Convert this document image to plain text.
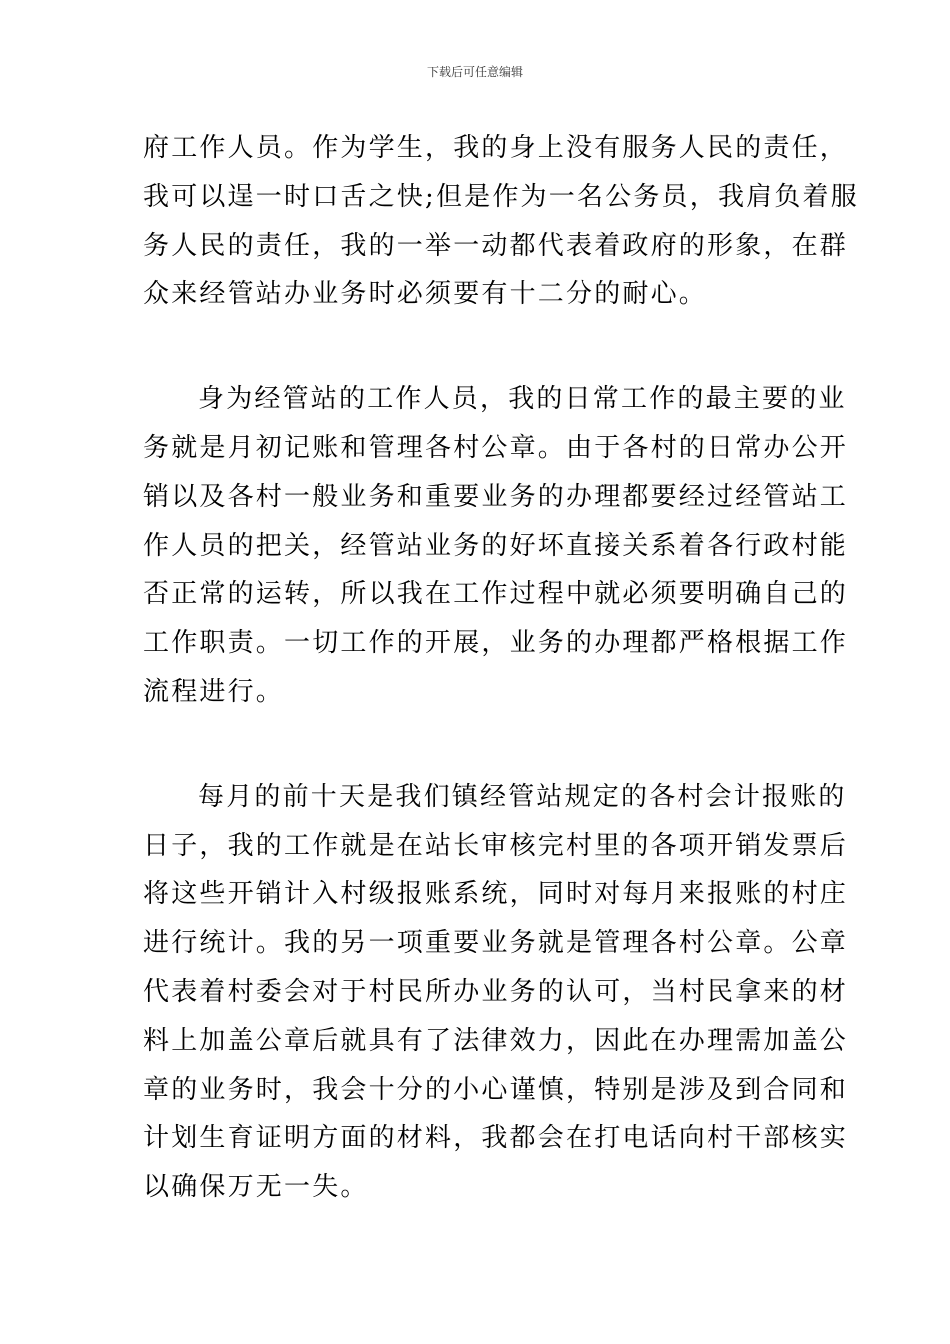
下载后可任意编辑
府工作人员。作为学生，我的身上没有服务人民的责任，
我可以逞一时口舌之快;但是作为一名公务员，我肩负着服
务人民的责任，我的一举一动都代表着政府的形象，在群
众来经管站办业务时必须要有十二分的耐心。
身为经管站的工作人员，我的日常工作的最主要的业
务就是月初记账和管理各村公章。由于各村的日常办公开
销以及各村一般业务和重要业务的办理都要经过经管站工
作人员的把关，经管站业务的好坏直接关系着各行政村能
否正常的运转，所以我在工作过程中就必须要明确自己的
工作职责。一切工作的开展，业务的办理都严格根据工作
流程进行。
每月的前十天是我们镇经管站规定的各村会计报账的
日子，我的工作就是在站长审核完村里的各项开销发票后
将这些开销计入村级报账系统，同时对每月来报账的村庄
进行统计。我的另一项重要业务就是管理各村公章。公章
代表着村委会对于村民所办业务的认可，当村民拿来的材
料上加盖公章后就具有了法律效力，因此在办理需加盖公
章的业务时，我会十分的小心谨慎，特别是涉及到合同和
计划生育证明方面的材料，我都会在打电话向村干部核实
以确保万无一失。
